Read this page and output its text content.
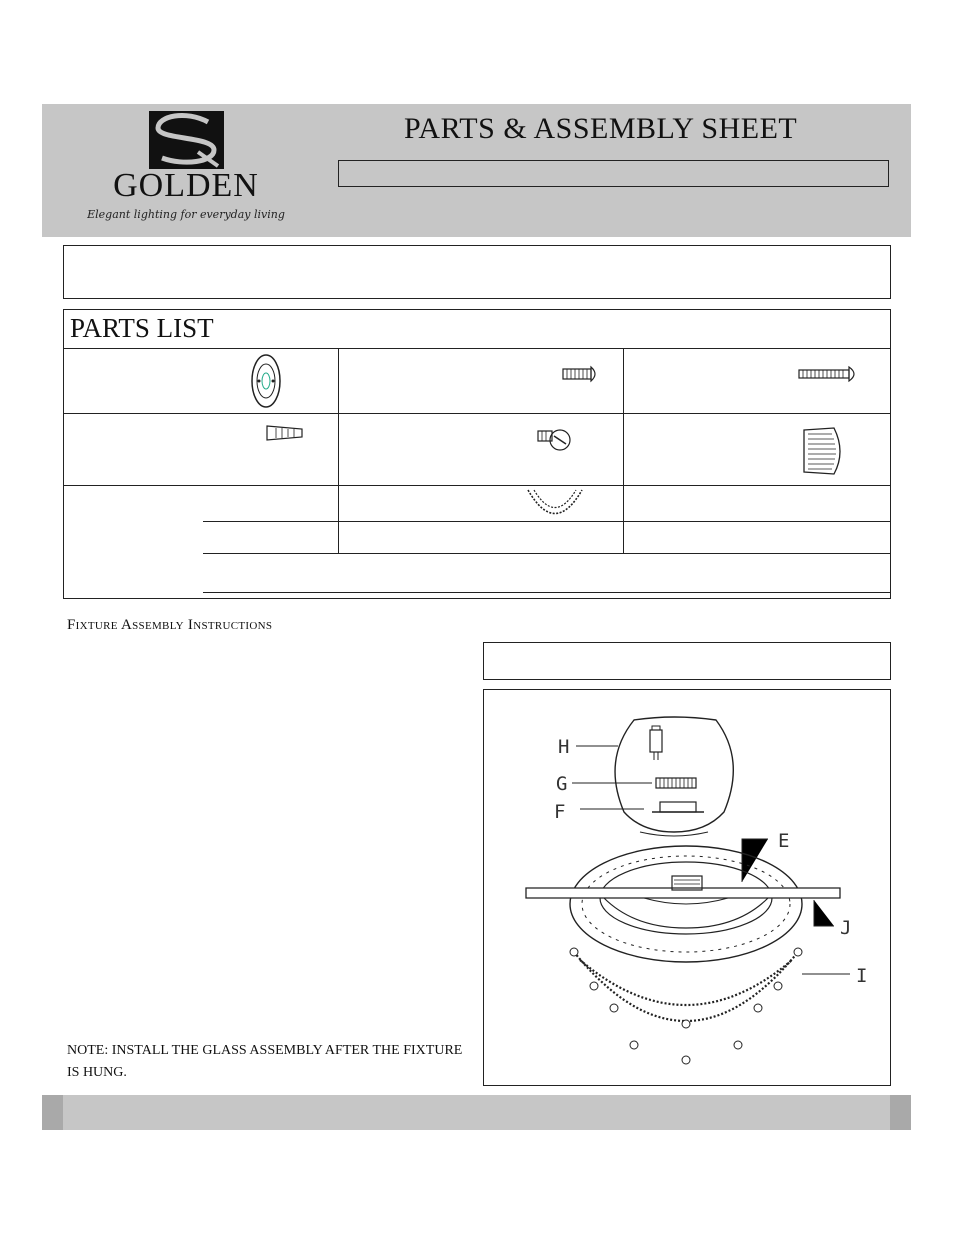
GOLDEN
Elegant lighting for everyday living
PARTS & ASSEMBLY SHEET
PARTS LIST
Fixture Assembly Instructions
NOTE: INSTALL THE GLASS ASSEMBLY AFTER THE FIXTURE IS HUNG.
H
G
F
E
J
I
